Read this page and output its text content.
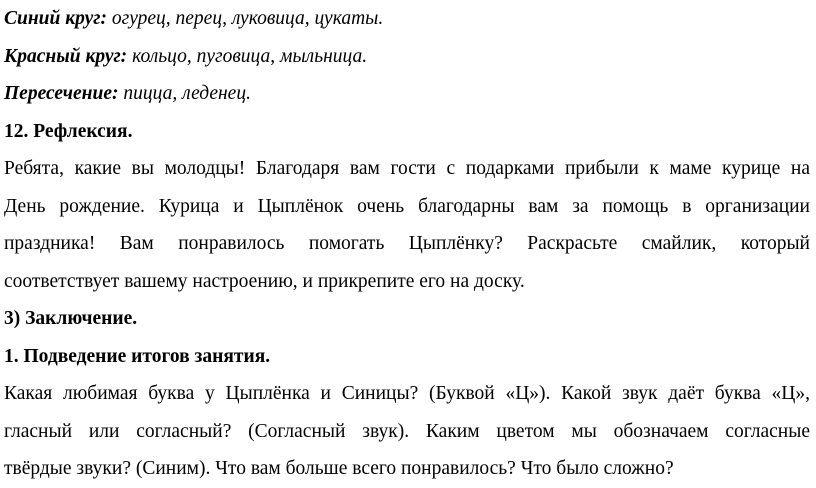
Синий круг: огурец, перец, луковица, цукаты.

Красный круг: кольцо, пуговица, мыльница.

Пересечение: пицца, леденец.

12. Рефлексия.

Ребята, какие вы молодцы! Благодаря вам гости с подарками прибыли к маме курице на

День рождение. Курица и Цыплёнок очень благодарны вам за помощь в организации

праздника! Вам понравилось помогать Цыплёнку? Раскрасьте смайлик, который

соответствует вашему настроению, и прикрепите его на доску.

3) Заключение.

1. Подведение итогов занятия.

Какая любимая буква у Цыплёнка и Синицы? (Буквой «Ц»). Какой звук даёт буква «Ц»,

гласный или согласный? (Согласный звук). Каким цветом мы обозначаем согласные

твёрдые звуки? (Синим). Что вам больше всего понравилось? Что было сложно?
